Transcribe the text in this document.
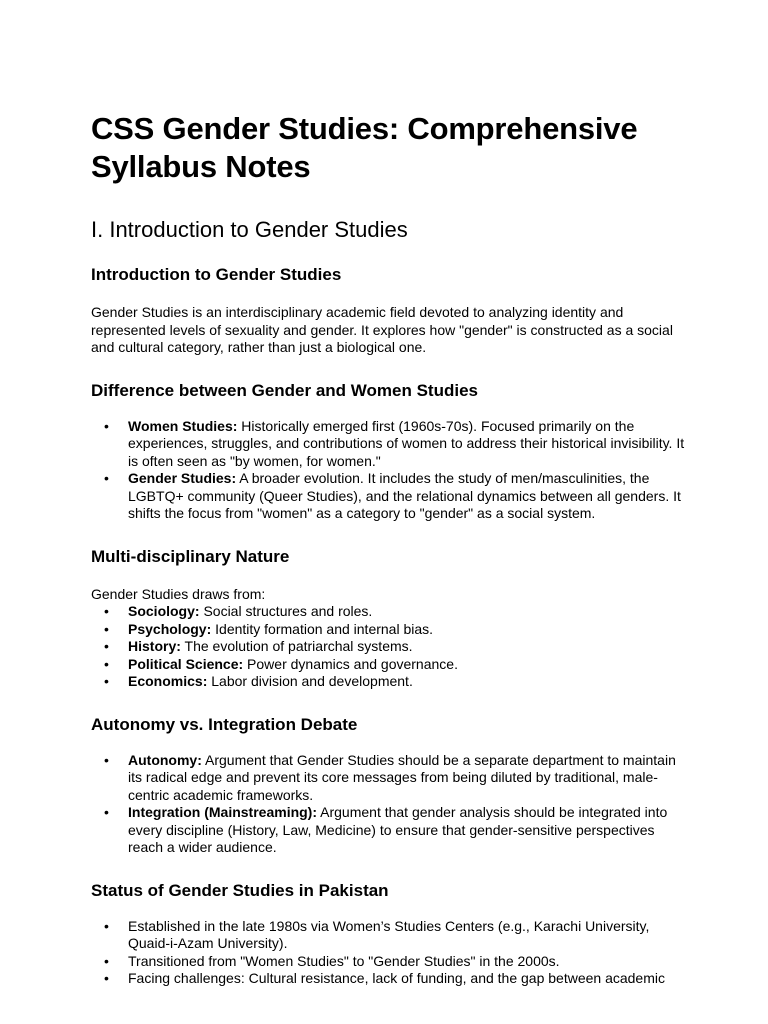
CSS Gender Studies: Comprehensive Syllabus Notes
I. Introduction to Gender Studies
Introduction to Gender Studies

Gender Studies is an interdisciplinary academic field devoted to analyzing identity and represented levels of sexuality and gender. It explores how "gender" is constructed as a social and cultural category, rather than just a biological one.

Difference between Gender and Women Studies
• Women Studies: Historically emerged first (1960s-70s). Focused primarily on the experiences, struggles, and contributions of women to address their historical invisibility. It is often seen as "by women, for women."
• Gender Studies: A broader evolution. It includes the study of men/masculinities, the LGBTQ+ community (Queer Studies), and the relational dynamics between all genders. It shifts the focus from "women" as a category to "gender" as a social system.
Multi-disciplinary Nature

Gender Studies draws from:

• Sociology: Social structures and roles.
• Psychology: Identity formation and internal bias.
• History: The evolution of patriarchal systems.
• Political Science: Power dynamics and governance.
• Economics: Labor division and development.
Autonomy vs. Integration Debate
• Autonomy: Argument that Gender Studies should be a separate department to maintain its radical edge and prevent its core messages from being diluted by traditional, male-centric academic frameworks.
• Integration (Mainstreaming): Argument that gender analysis should be integrated into every discipline (History, Law, Medicine) to ensure that gender-sensitive perspectives reach a wider audience.
Status of Gender Studies in Pakistan
• Established in the late 1980s via Women’s Studies Centers (e.g., Karachi University, Quaid-i-Azam University).
• Transitioned from "Women Studies" to "Gender Studies" in the 2000s.
• Facing challenges: Cultural resistance, lack of funding, and the gap between academic
